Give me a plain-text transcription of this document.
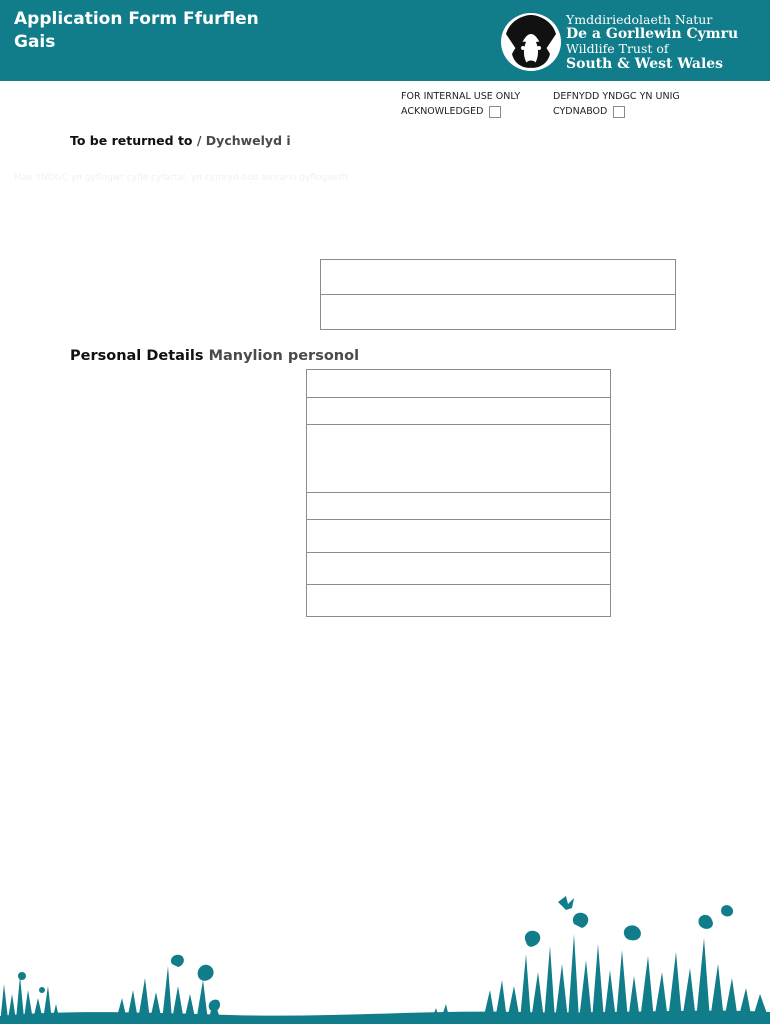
Application Form Ffurflen
Gais
Ymddiriedolaeth Natur
De a Gorllewin Cymru
Wildlife Trust of
South & West Wales
FOR INTERNAL USE ONLY
ACKNOWLEDGED
DEFNYDD YNDGC YN UNIG
CYDNABOD
To be returned to / Dychwelyd i
Mae YNDGC yn gyflogwr cyfle cyfartal, yn cymryd bob amrario gyflogaeth
Personal Details Manylion personol
